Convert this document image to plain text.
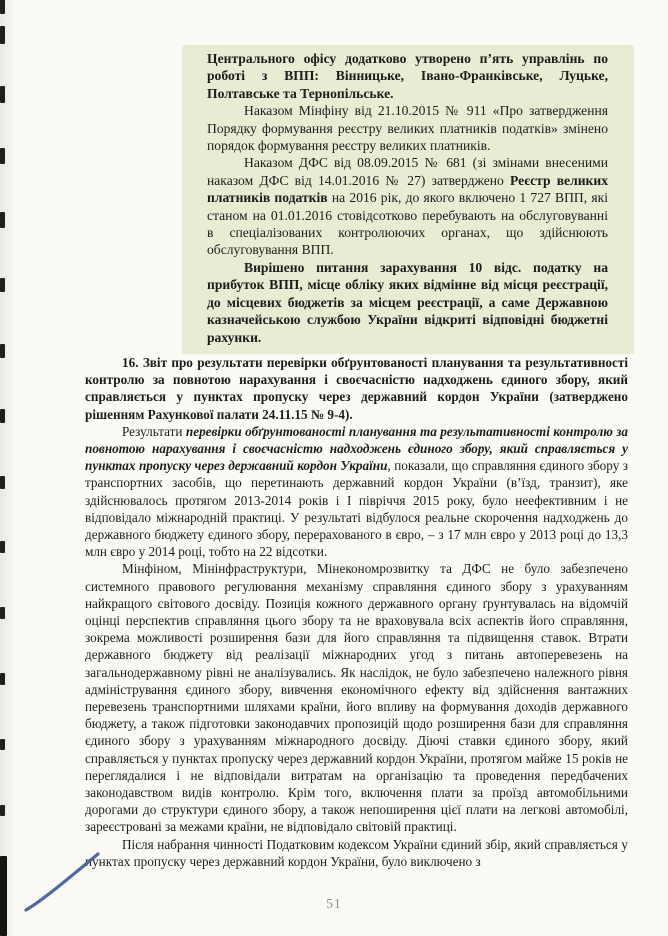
Центрального офісу додатково утворено п’ять управлінь по роботі з ВПП: Вінницьке, Івано-Франківське, Луцьке, Полтавське та Тернопільське.

Наказом Мінфіну від 21.10.2015 № 911 «Про затвердження Порядку формування реєстру великих платників податків» змінено порядок формування реєстру великих платників.

Наказом ДФС від 08.09.2015 № 681 (зі змінами внесеними наказом ДФС від 14.01.2016 № 27) затверджено Реєстр великих платників податків на 2016 рік, до якого включено 1 727 ВПП, які станом на 01.01.2016 стовідсотково перебувають на обслуговуванні в спеціалізованих контролюючих органах, що здійснюють обслуговування ВПП.

Вирішено питання зарахування 10 відс. податку на прибуток ВПП, місце обліку яких відмінне від місця реєстрації, до місцевих бюджетів за місцем реєстрації, а саме Державною казначейською службою України відкриті відповідні бюджетні рахунки.

16. Звіт про результати перевірки обґрунтованості планування та результативності контролю за повнотою нарахування і своєчасністю надходжень єдиного збору, який справляється у пунктах пропуску через державний кордон України (затверджено рішенням Рахункової палати 24.11.15 № 9-4).

Результати перевірки обґрунтованості планування та результативності контролю за повнотою нарахування і своєчасністю надходжень єдиного збору, який справляється у пунктах пропуску через державний кордон України, показали, що справляння єдиного збору з транспортних засобів, що перетинають державний кордон України (в’їзд, транзит), яке здійснювалось протягом 2013-2014 років і І півріччя 2015 року, було неефективним і не відповідало міжнародній практиці. У результаті відбулося реальне скорочення надходжень до державного бюджету єдиного збору, перерахованого в євро, – з 17 млн євро у 2013 році до 13,3 млн євро у 2014 році, тобто на 22 відсотки.

Мінфіном, Мінінфраструктури, Мінекономрозвитку та ДФС не було забезпечено системного правового регулювання механізму справляння єдиного збору з урахуванням найкращого світового досвіду. Позиція кожного державного органу ґрунтувалась на відомчій оцінці перспектив справляння цього збору та не враховувала всіх аспектів його справляння, зокрема можливості розширення бази для його справляння та підвищення ставок. Втрати державного бюджету від реалізації міжнародних угод з питань автоперевезень на загальнодержавному рівні не аналізувались. Як наслідок, не було забезпечено належного рівня адміністрування єдиного збору, вивчення економічного ефекту від здійснення вантажних перевезень транспортними шляхами країни, його впливу на формування доходів державного бюджету, а також підготовки законодавчих пропозицій щодо розширення бази для справляння єдиного збору з урахуванням міжнародного досвіду. Діючі ставки єдиного збору, який справляється у пунктах пропуску через державний кордон України, протягом майже 15 років не переглядалися і не відповідали витратам на організацію та проведення передбачених законодавством видів контролю. Крім того, включення плати за проїзд автомобільними дорогами до структури єдиного збору, а також непоширення цієї плати на легкові автомобілі, зареєстровані за межами країни, не відповідало світовій практиці.

Після набрання чинності Податковим кодексом України єдиний збір, який справляється у пунктах пропуску через державний кордон України, було виключено з

51
